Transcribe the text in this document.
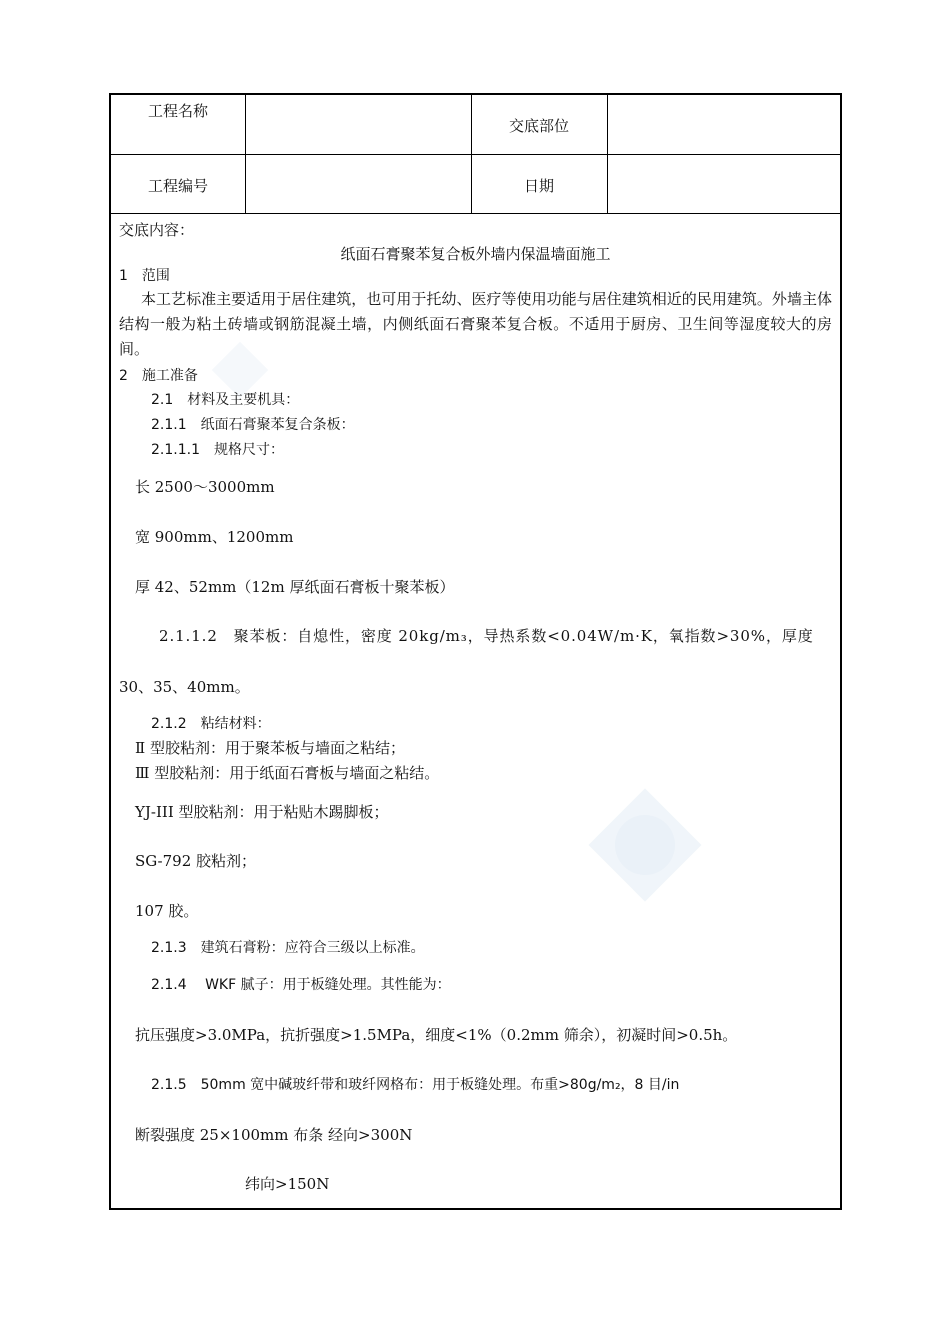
工程名称
交底部位
工程编号	日期
交底内容：
纸面石膏聚苯复合板外墙内保温墙面施工
1　范围
本工艺标准主要适用于居住建筑，也可用于托幼、医疗等使用功能与居住建筑相近的民用建筑。外墙主体结构一般为粘土砖墙或钢筋混凝土墙，内侧纸面石膏聚苯复合板。不适用于厨房、卫生间等湿度较大的房间。
2　施工准备
2.1　材料及主要机具：
2.1.1　纸面石膏聚苯复合条板：
2.1.1.1　规格尺寸：
长 2500～3000mm
宽 900mm、1200mm
厚 42、52mm（12m 厚纸面石膏板十聚苯板）
2.1.1.2　聚苯板：自熄性，密度 20kg/m₃，导热系数<0.04W/m·K，氧指数>30%，厚度
30、35、40mm。
2.1.2　粘结材料：
Ⅱ 型胶粘剂：用于聚苯板与墙面之粘结；
Ⅲ 型胶粘剂：用于纸面石膏板与墙面之粘结。
YJ-III 型胶粘剂：用于粘贴木踢脚板；
SG-792 胶粘剂；
107 胶。
2.1.3　建筑石膏粉：应符合三级以上标准。
2.1.4　 WKF 腻子：用于板缝处理。其性能为：
抗压强度>3.0MPa，抗折强度>1.5MPa，细度<1%（0.2mm 筛余），初凝时间>0.5h。
2.1.5　50mm 宽中碱玻纤带和玻纤网格布：用于板缝处理。布重>80g/m₂，8 目/in
断裂强度 25×100mm 布条 经向>300N
纬向>150N
